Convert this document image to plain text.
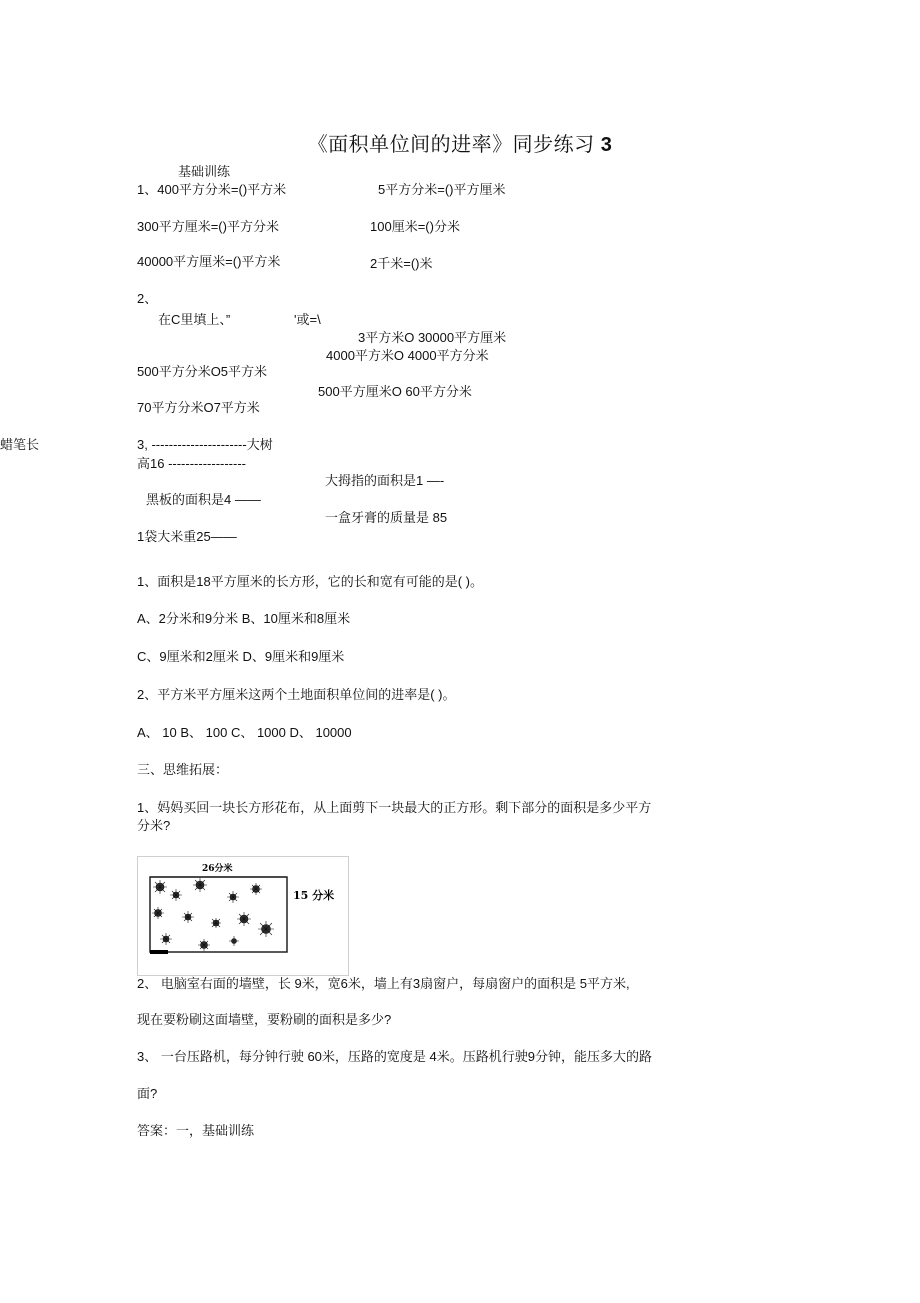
《面积单位间的进率》同步练习 3
基础训练
1、400平方分米=()平方米	5平方分米=()平方厘米
300平方厘米=()平方分米	100厘米=()分米
40000平方厘米=()平方米	2千米=()米
2、
在C里填上、”	'或=\
3平方米O 30000平方厘米
4000平方米O 4000平方分米
500平方分米O5平方米
500平方厘米O 60平方分米
70平方分米O7平方米
蜡笔长	3, ----------------------大树
高16 ------------------
大拇指的面积是1 —-
黑板的面积是4 ——
一盒牙膏的质量是 85
1袋大米重25——
1、面积是18平方厘米的长方形，它的长和宽有可能的是( )。
A、2分米和9分米 B、10厘米和8厘米
C、9厘米和2厘米 D、9厘米和9厘米
2、平方米平方厘米这两个土地面积单位间的进率是( )。
A、 10 B、 100 C、 1000 D、 10000
三、思维拓展：
1、妈妈买回一块长方形花布，从上面剪下一块最大的正方形。剩下部分的面积是多少平方
分米?
26分米
15 分米
2、 电脑室右面的墙壁，长 9米，宽6米，墙上有3扇窗户，每扇窗户的面积是 5平方米,
现在要粉刷这面墙壁，要粉刷的面积是多少?
3、 一台压路机，每分钟行驶 60米，压路的宽度是 4米。压路机行驶9分钟，能压多大的路
面?
答案：一，基础训练
